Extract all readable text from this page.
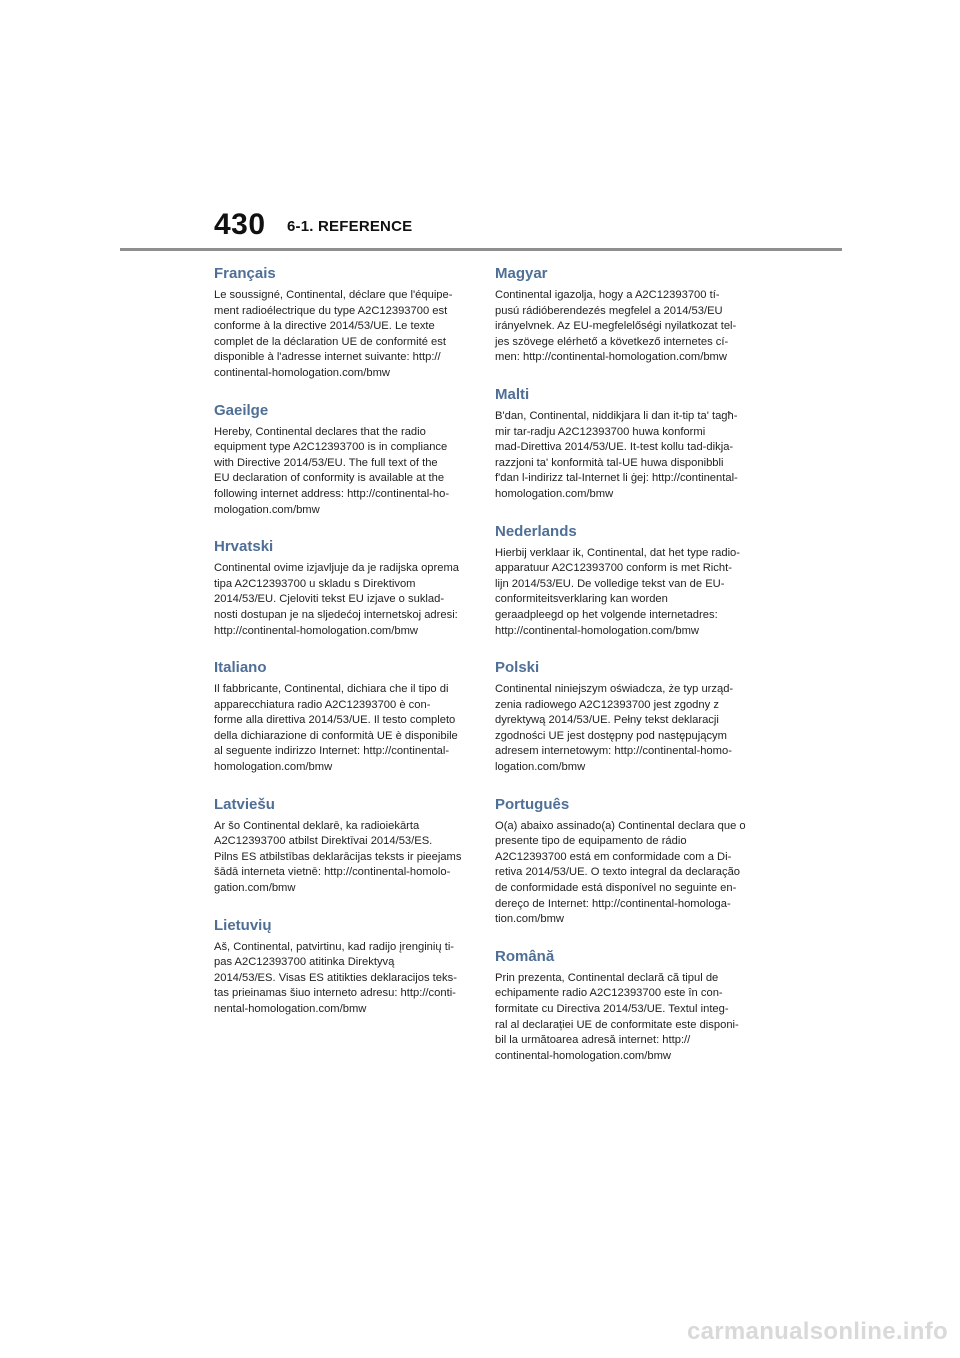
430 6-1. REFERENCE
Français

Le soussigné, Continental, déclare que l'équipe-
ment radioélectrique du type A2C12393700 est
conforme à la directive 2014/53/UE. Le texte
complet de la déclaration UE de conformité est
disponible à l'adresse internet suivante: http://
continental-homologation.com/bmw

Gaeilge

Hereby, Continental declares that the radio
equipment type A2C12393700 is in compliance
with Directive 2014/53/EU. The full text of the
EU declaration of conformity is available at the
following internet address: http://continental-ho-
mologation.com/bmw

Hrvatski

Continental ovime izjavljuje da je radijska oprema
tipa A2C12393700 u skladu s Direktivom
2014/53/EU. Cjeloviti tekst EU izjave o suklad-
nosti dostupan je na sljedećoj internetskoj adresi:
http://continental-homologation.com/bmw

Italiano

Il fabbricante, Continental, dichiara che il tipo di
apparecchiatura radio A2C12393700 è con-
forme alla direttiva 2014/53/UE. Il testo completo
della dichiarazione di conformità UE è disponibile
al seguente indirizzo Internet: http://continental-
homologation.com/bmw

Latviešu

Ar šo Continental deklarē, ka radioiekārta
A2C12393700 atbilst Direktīvai 2014/53/ES.
Pilns ES atbilstības deklarācijas teksts ir pieejams
šādā interneta vietnē: http://continental-homolo-
gation.com/bmw

Lietuvių

Aš, Continental, patvirtinu, kad radijo įrenginių ti-
pas A2C12393700 atitinka Direktyvą
2014/53/ES. Visas ES atitikties deklaracijos teks-
tas prieinamas šiuo interneto adresu: http://conti-
nental-homologation.com/bmw

Magyar

Continental igazolja, hogy a A2C12393700 tí-
pusú rádióberendezés megfelel a 2014/53/EU
irányelvnek. Az EU-megfelelőségi nyilatkozat tel-
jes szövege elérhető a következő internetes cí-
men: http://continental-homologation.com/bmw

Malti

B'dan, Continental, niddikjara li dan it-tip ta' tagħ-
mir tar-radju A2C12393700 huwa konformi
mad-Direttiva 2014/53/UE. It-test kollu tad-dikja-
razzjoni ta' konformità tal-UE huwa disponibbli
f'dan l-indirizz tal-Internet li ġej: http://continental-
homologation.com/bmw

Nederlands

Hierbij verklaar ik, Continental, dat het type radio-
apparatuur A2C12393700 conform is met Richt-
lijn 2014/53/EU. De volledige tekst van de EU-
conformiteitsverklaring kan worden
geraadpleegd op het volgende internetadres:
http://continental-homologation.com/bmw

Polski

Continental niniejszym oświadcza, że typ urząd-
zenia radiowego A2C12393700 jest zgodny z
dyrektywą 2014/53/UE. Pełny tekst deklaracji
zgodności UE jest dostępny pod następującym
adresem internetowym: http://continental-homo-
logation.com/bmw

Português

O(a) abaixo assinado(a) Continental declara que o
presente tipo de equipamento de rádio
A2C12393700 está em conformidade com a Di-
retiva 2014/53/UE. O texto integral da declaração
de conformidade está disponível no seguinte en-
dereço de Internet: http://continental-homologa-
tion.com/bmw

Română

Prin prezenta, Continental declară că tipul de
echipamente radio A2C12393700 este în con-
formitate cu Directiva 2014/53/UE. Textul integ-
ral al declarației UE de conformitate este disponi-
bil la următoarea adresă internet: http://
continental-homologation.com/bmw

carmanualsonline.info
